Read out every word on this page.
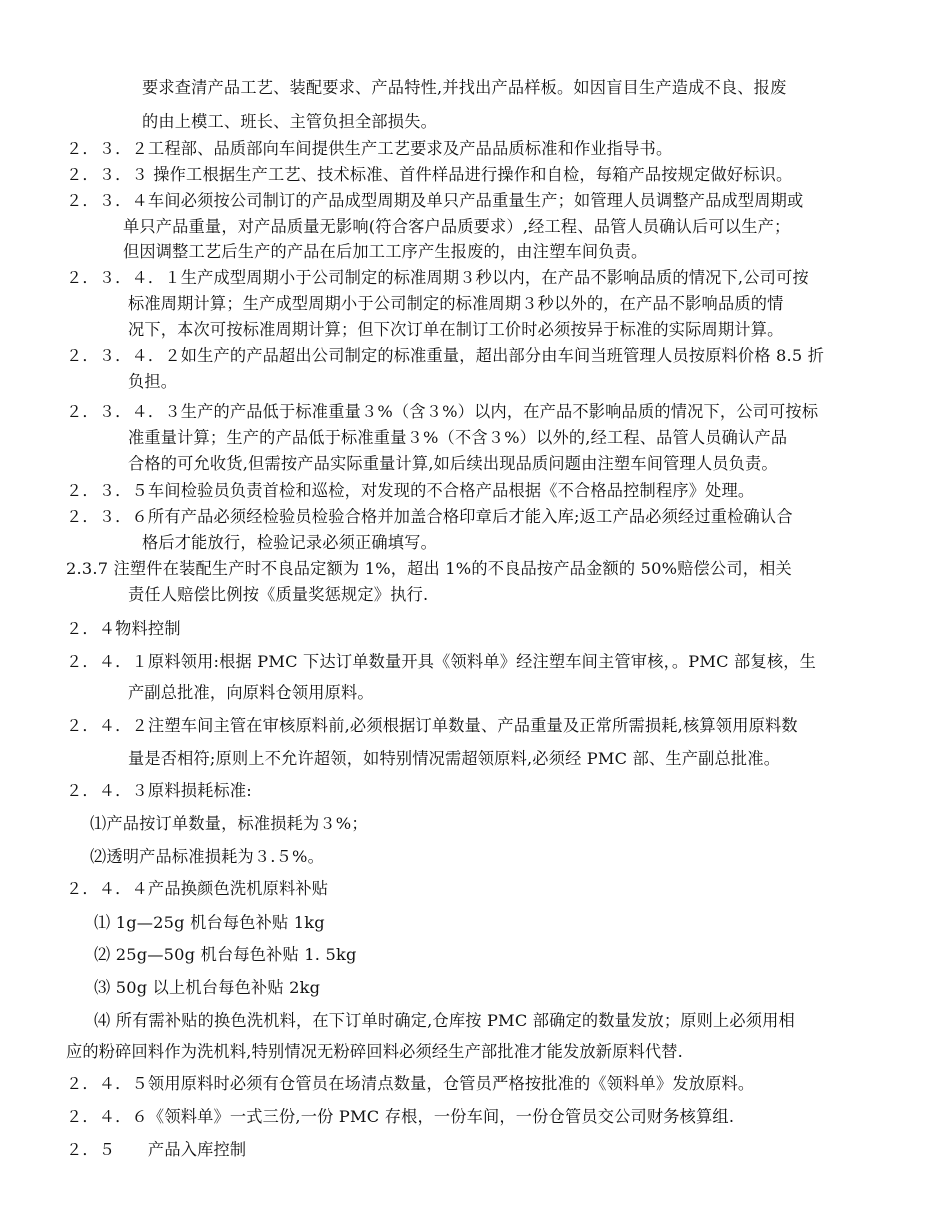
要求查清产品工艺、装配要求、产品特性,并找出产品样板。如因盲目生产造成不良、报废
的由上模工、班长、主管负担全部损失。
２．３．２工程部、品质部向车间提供生产工艺要求及产品品质标准和作业指导书。
２．３．３ 操作工根据生产工艺、技术标准、首件样品进行操作和自检，每箱产品按规定做好标识。
２．３．４车间必须按公司制订的产品成型周期及单只产品重量生产；如管理人员调整产品成型周期或
单只产品重量，对产品质量无影响(符合客户品质要求）,经工程、品管人员确认后可以生产；
但因调整工艺后生产的产品在后加工工序产生报废的，由注塑车间负责。
２．３．４．１生产成型周期小于公司制定的标准周期３秒以内，在产品不影响品质的情况下,公司可按
标准周期计算；生产成型周期小于公司制定的标准周期３秒以外的，在产品不影响品质的情
况下，本次可按标准周期计算；但下次订单在制订工价时必须按异于标准的实际周期计算。
２．３．４．２如生产的产品超出公司制定的标准重量，超出部分由车间当班管理人员按原料价格 8.5 折
负担。
２．３．４．３生产的产品低于标准重量３%（含３%）以内，在产品不影响品质的情况下，公司可按标
准重量计算；生产的产品低于标准重量３%（不含３%）以外的,经工程、品管人员确认产品
合格的可允收货,但需按产品实际重量计算,如后续出现品质问题由注塑车间管理人员负责。
２．３．５车间检验员负责首检和巡检，对发现的不合格产品根据《不合格品控制程序》处理。
２．３．６所有产品必须经检验员检验合格并加盖合格印章后才能入库;返工产品必须经过重检确认合
格后才能放行，检验记录必须正确填写。
2.3.7 注塑件在装配生产时不良品定额为 1%，超出 1%的不良品按产品金额的 50%赔偿公司，相关
责任人赔偿比例按《质量奖惩规定》执行.
２．４物料控制
２．４．１原料领用:根据 PMC 下达订单数量开具《领料单》经注塑车间主管审核，。PMC 部复核，生
产副总批准，向原料仓领用原料。
２．４．２注塑车间主管在审核原料前,必须根据订单数量、产品重量及正常所需损耗,核算领用原料数
量是否相符;原则上不允许超领，如特别情况需超领原料,必须经 PMC 部、生产副总批准。
２．４．３原料损耗标准:
⑴产品按订单数量，标准损耗为３%；
⑵透明产品标准损耗为３.５%。
２．４．４产品换颜色洗机原料补贴
⑴ 1g—25g 机台每色补贴 1kg
⑵ 25g—50g 机台每色补贴 1. 5kg
⑶ 50g 以上机台每色补贴 2kg
⑷ 所有需补贴的换色洗机料，在下订单时确定,仓库按 PMC 部确定的数量发放；原则上必须用相
应的粉碎回料作为洗机料,特别情况无粉碎回料必须经生产部批准才能发放新原料代替.
２．４．５领用原料时必须有仓管员在场清点数量，仓管员严格按批准的《领料单》发放原料。
２．４．６《领料单》一式三份,一份 PMC 存根，一份车间，一份仓管员交公司财务核算组.
２．５　　产品入库控制
